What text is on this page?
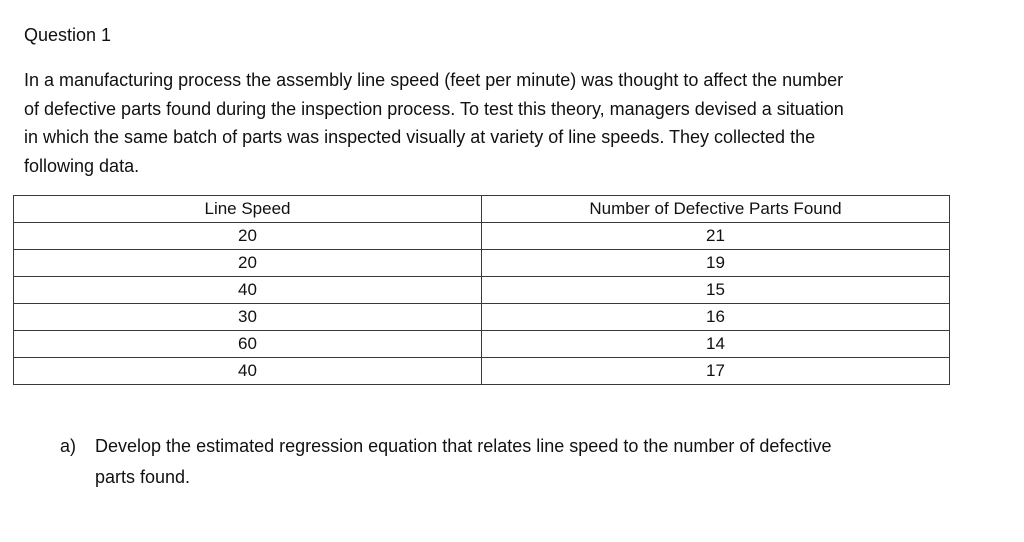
Question 1

In a manufacturing process the assembly line speed (feet per minute) was thought to affect the number
of defective parts found during the inspection process. To test this theory, managers devised a situation
in which the same batch of parts was inspected visually at variety of line speeds. They collected the
following data.

Line Speed	Number of Defective Parts Found
20	21
20	19
40	15
30	16
60	14
40	17
a) Develop the estimated regression equation that relates line speed to the number of defective
parts found.
